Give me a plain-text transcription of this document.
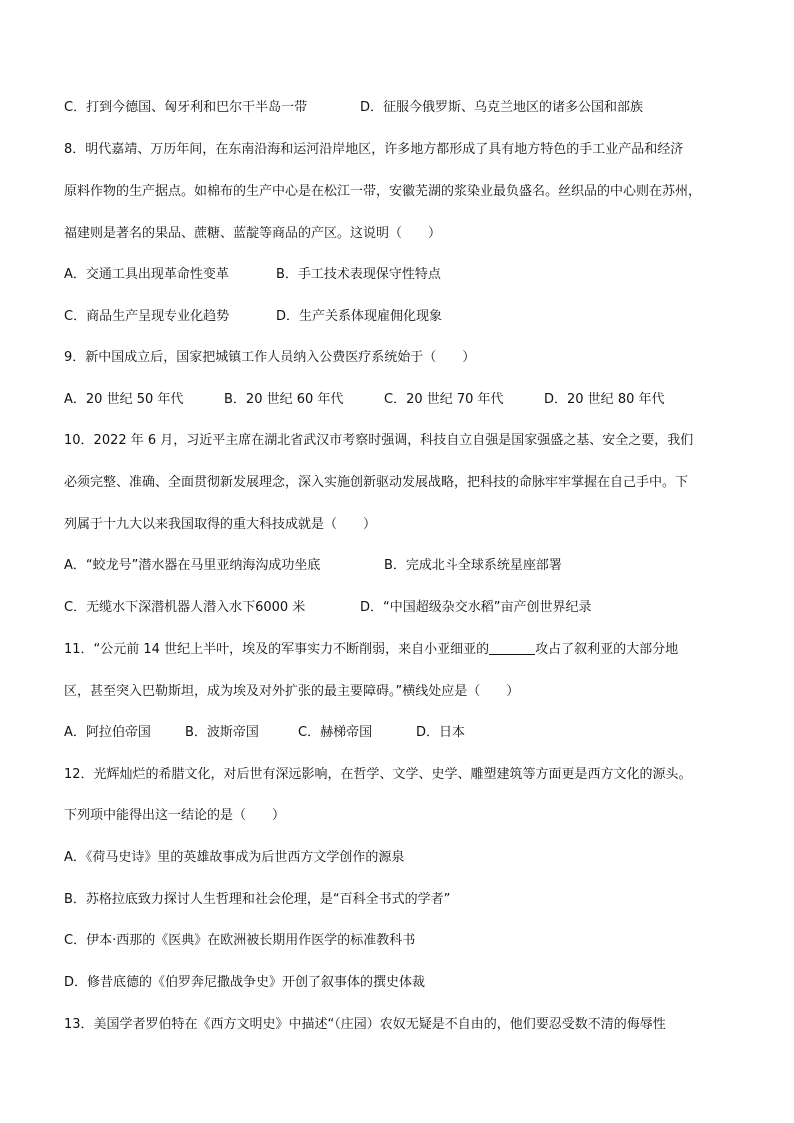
C．打到今德国、匈牙利和巴尔干半岛一带	D．征服今俄罗斯、乌克兰地区的诸多公国和部族
8．明代嘉靖、万历年间，在东南沿海和运河沿岸地区，许多地方都形成了具有地方特色的手工业产品和经济
原料作物的生产据点。如棉布的生产中心是在松江一带，安徽芜湖的浆染业最负盛名。丝织品的中心则在苏州，
福建则是著名的果品、蔗糖、蓝靛等商品的产区。这说明（　　）
A．交通工具出现革命性变革	B．手工技术表现保守性特点
C．商品生产呈现专业化趋势	D．生产关系体现雇佣化现象
9．新中国成立后，国家把城镇工作人员纳入公费医疗系统始于（　　）
A．20 世纪 50 年代	B．20 世纪 60 年代	C．20 世纪 70 年代	D．20 世纪 80 年代
10．2022 年 6 月，习近平主席在湖北省武汉市考察时强调，科技自立自强是国家强盛之基、安全之要，我们
必须完整、准确、全面贯彻新发展理念，深入实施创新驱动发展战略，把科技的命脉牢牢掌握在自己手中。下
列属于十九大以来我国取得的重大科技成就是（　　）
A．“蛟龙号”潜水器在马里亚纳海沟成功坐底	B．完成北斗全球系统星座部署
C．无缆水下深潜机器人潜入水下6000 米	D．“中国超级杂交水稻”亩产创世界纪录
11．“公元前 14 世纪上半叶，埃及的军事实力不断削弱，来自小亚细亚的	攻占了叙利亚的大部分地
区，甚至突入巴勒斯坦，成为埃及对外扩张的最主要障碍。”横线处应是（　　）
A．阿拉伯帝国	B．波斯帝国	C．赫梯帝国	D．日本
12．光辉灿烂的希腊文化，对后世有深远影响，在哲学、文学、史学、雕塑建筑等方面更是西方文化的源头。
下列项中能得出这一结论的是（　　）
A．《荷马史诗》里的英雄故事成为后世西方文学创作的源泉
B．苏格拉底致力探讨人生哲理和社会伦理，是“百科全书式的学者”
C．伊本·西那的《医典》在欧洲被长期用作医学的标准教科书
D．修昔底德的《伯罗奔尼撒战争史》开创了叙事体的撰史体裁
13．美国学者罗伯特在《西方文明史》中描述“（庄园）农奴无疑是不自由的，他们要忍受数不清的侮辱性
